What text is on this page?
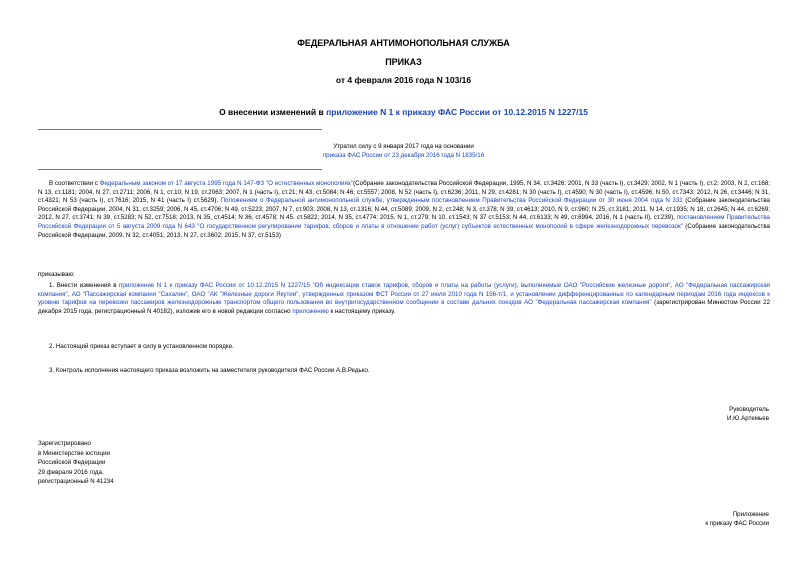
ФЕДЕРАЛЬНАЯ АНТИМОНОПОЛЬНАЯ СЛУЖБА
ПРИКАЗ
от 4 февраля 2016 года N 103/16
О внесении изменений в приложение N 1 к приказу ФАС России от 10.12.2015 N 1227/15
Утратил силу с 9 января 2017 года на основании
приказа ФАС России от 23 декабря 2016 года N 1835/16

В соответствии с Федеральным законом от 17 августа 1995 года N 147-ФЗ "О естественных монополиях"(Собрание законодательства Российской Федерации, 1995, N 34, ст.3426; 2001, N 33 (часть I), ст.3429; 2002, N 1 (часть I), ст.2; 2003, N 2, ст.168; N 13, ст.1181; 2004, N 27, ст.2711; 2006, N 1, ст.10; N 19, ст.2063; 2007, N 1 (часть I), ст.21; N 43, ст.5084; N 46, ст.5557; 2008, N 52 (часть I), ст.6236; 2011, N 29, ст.4281; N 30 (часть I), ст.4590; N 30 (часть I), ст.4596; N 50, ст.7343; 2012, N 26, ст.3446; N 31, ст.4321; N 53 (часть I), ст.7616; 2015, N 41 (часть I) ст.5629), Положением о Федеральной антимонопольной службе, утвержденным постановлением Правительства Российской Федерации от 30 июня 2004 года N 331 (Собрание законодательства Российской Федерации, 2004, N 31, ст.3259; 2006, N 45, ст.4706; N 49, ст.5223; 2007, N 7, ст.903; 2008, N 13, ст.1316; N 44, ст.5089; 2009, N 2, ст.248; N 3, ст.378; N 39, ст.4613; 2010, N 9, ст.960; N 25, ст.3181; 2011, N 14, ст.1935; N 18, ст.2645; N 44, ст.6269; 2012, N 27, ст.3741; N 39, ст.5283; N 52, ст.7518; 2013, N 35, ст.4514; N 36, ст.4578; N 45, ст.5822; 2014, N 35, ст.4774; 2015, N 1, ст.279; N 10, ст.1543; N 37 ст.5153; N 44, ст.6133; N 49, ст.6994, 2016, N 1 (часть II), ст.239), постановлением Правительства Российской Федерации от 5 августа 2009 года N 643 "О государственном регулировании тарифов, сборов и платы в отношении работ (услуг) субъектов естественных монополий в сфере железнодорожных перевозок" (Собрание законодательства Российской Федерации, 2009, N 32, ст.4051; 2013, N 27, ст.3602; 2015, N 37, ст.5153)

приказываю:

1. Внести изменения в приложение N 1 к приказу ФАС России от 10.12.2015 N 1227/15 "Об индексации ставок тарифов, сборов и платы на работы (услуги), выполняемые ОАО "Российские железные дороги", АО "Федеральная пассажирская компания", АО "Пассажирская компания "Сахалин", ОАО "АК "Железные дороги Якутии", утвержденных приказом ФСТ России от 27 июля 2010 года N 156-т/1, и установлении дифференцированных по календарным периодам 2016 года индексов к уровню тарифов на перевозки пассажиров железнодорожным транспортом общего пользования во внутригосударственном сообщении в составе дальних поездов АО "Федеральная пассажирская компания" (зарегистрирован Минюстом России 22 декабря 2015 года, регистрационный N 40182), изложив его в новой редакции согласно приложению к настоящему приказу.

2. Настоящий приказ вступает в силу в установленном порядке.
3. Контроль исполнения настоящего приказа возложить на заместителя руководителя ФАС России А.В.Редько.
Руководитель
И.Ю.Артемьев
Зарегистрировано
в Министерстве юстиции
Российской Федерации
29 февраля 2016 года,
регистрационный N 41234
Приложение
к приказу ФАС России
